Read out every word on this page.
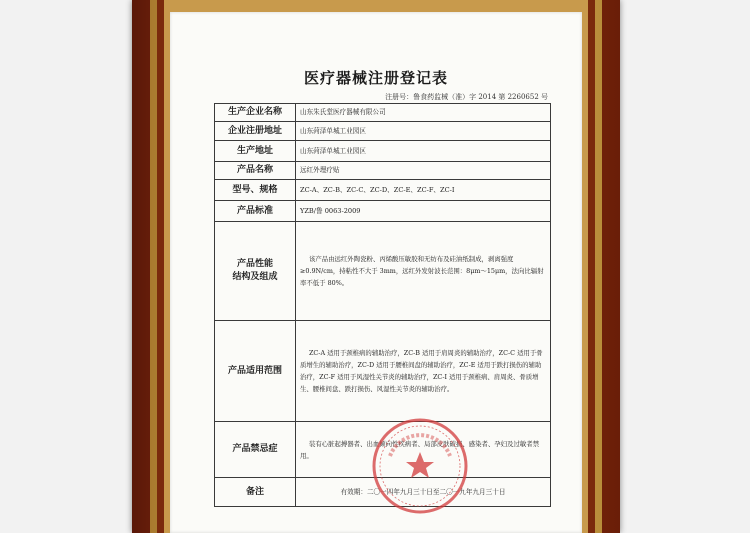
医疗器械注册登记表
注册号：鲁食药监械（准）字 2014 第 2260652 号
生产企业名称	山东朱氏堂医疗器械有限公司
企业注册地址	山东菏泽单城工业园区
生产地址	山东菏泽单城工业园区
产品名称	远红外理疗贴
型号、规格	ZC-A、ZC-B、ZC-C、ZC-D、ZC-E、ZC-F、ZC-I
产品标准	YZB/鲁 0063-2009
产品性能
结构及组成	该产品由远红外陶瓷粉、丙烯酸压敏胶和无纺布及硅油纸制成，剥离强度≥0.9N/cm，持粘性不大于 3mm，远红外发射波长范围：8μm～15μm，法向比辐射率不低于 80%。
产品适用范围	ZC-A 适用于颈椎病的辅助治疗，ZC-B 适用于肩周炎的辅助治疗，ZC-C 适用于骨质增生的辅助治疗，ZC-D 适用于腰椎间盘的辅助治疗，ZC-E 适用于跌打损伤的辅助治疗，ZC-F 适用于风湿性关节炎的辅助治疗，ZC-I 适用于颈椎病、肩周炎、骨质增生、腰椎间盘、跌打损伤、风湿性关节炎的辅助治疗。
产品禁忌症	装有心脏起搏器者、出血倾向性疾病者、局部皮肤破损、感染者、孕妇及过敏者禁用。
备注	有效期：二〇一四年九月三十日至二〇一九年九月三十日
